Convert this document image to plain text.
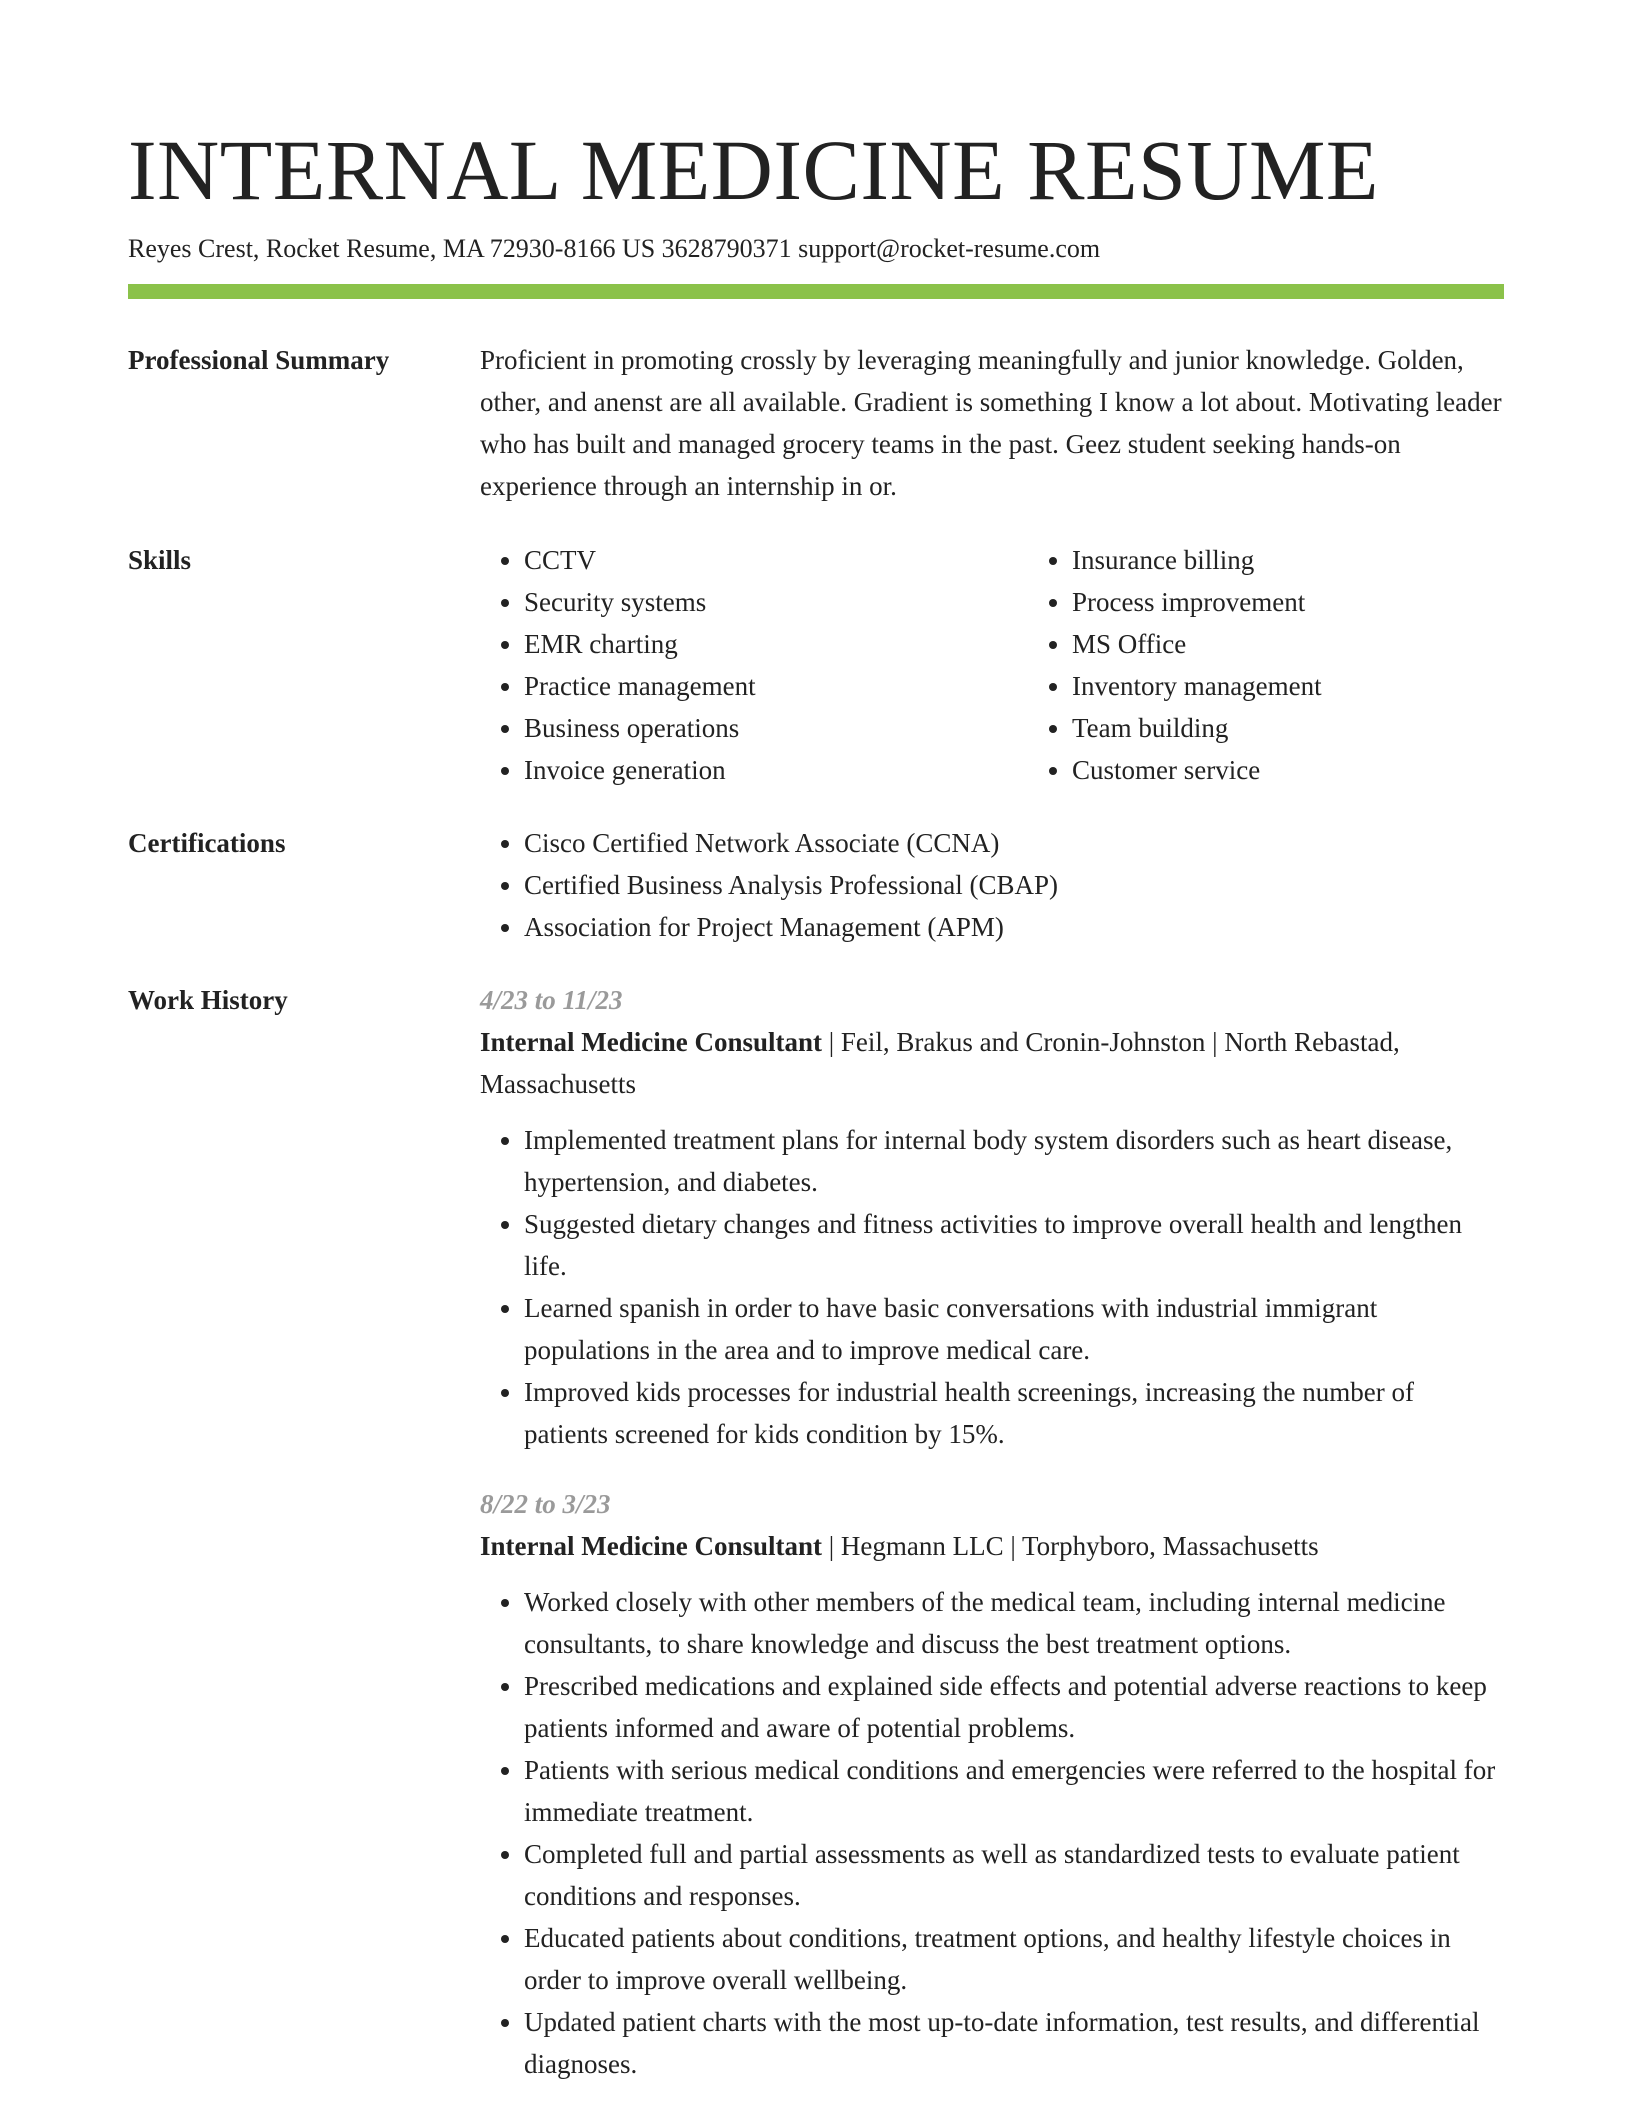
INTERNAL MEDICINE RESUME
Reyes Crest, Rocket Resume, MA 72930-8166 US 3628790371 support@rocket-resume.com
Professional Summary	Proficient in promoting crossly by leveraging meaningfully and junior knowledge. Golden, other, and anenst are all available. Gradient is something I know a lot about. Motivating leader who has built and managed grocery teams in the past. Geez student seeking hands-on experience through an internship in or.

Skills	• CCTV
• Security systems
• EMR charting
• Practice management
• Business operations
• Invoice generation
• Insurance billing
• Process improvement
• MS Office
• Inventory management
• Team building
• Customer service
Certifications	• Cisco Certified Network Associate (CCNA)
• Certified Business Analysis Professional (CBAP)
• Association for Project Management (APM)
Work History	4/23 to 11/23
Internal Medicine Consultant | Feil, Brakus and Cronin-Johnston | North Rebastad, Massachusetts
• Implemented treatment plans for internal body system disorders such as heart disease, hypertension, and diabetes.
• Suggested dietary changes and fitness activities to improve overall health and lengthen life.
• Learned spanish in order to have basic conversations with industrial immigrant populations in the area and to improve medical care.
• Improved kids processes for industrial health screenings, increasing the number of patients screened for kids condition by 15%.
8/22 to 3/23
Internal Medicine Consultant | Hegmann LLC | Torphyboro, Massachusetts
• Worked closely with other members of the medical team, including internal medicine consultants, to share knowledge and discuss the best treatment options.
• Prescribed medications and explained side effects and potential adverse reactions to keep patients informed and aware of potential problems.
• Patients with serious medical conditions and emergencies were referred to the hospital for immediate treatment.
• Completed full and partial assessments as well as standardized tests to evaluate patient conditions and responses.
• Educated patients about conditions, treatment options, and healthy lifestyle choices in order to improve overall wellbeing.
• Updated patient charts with the most up-to-date information, test results, and differential diagnoses.
